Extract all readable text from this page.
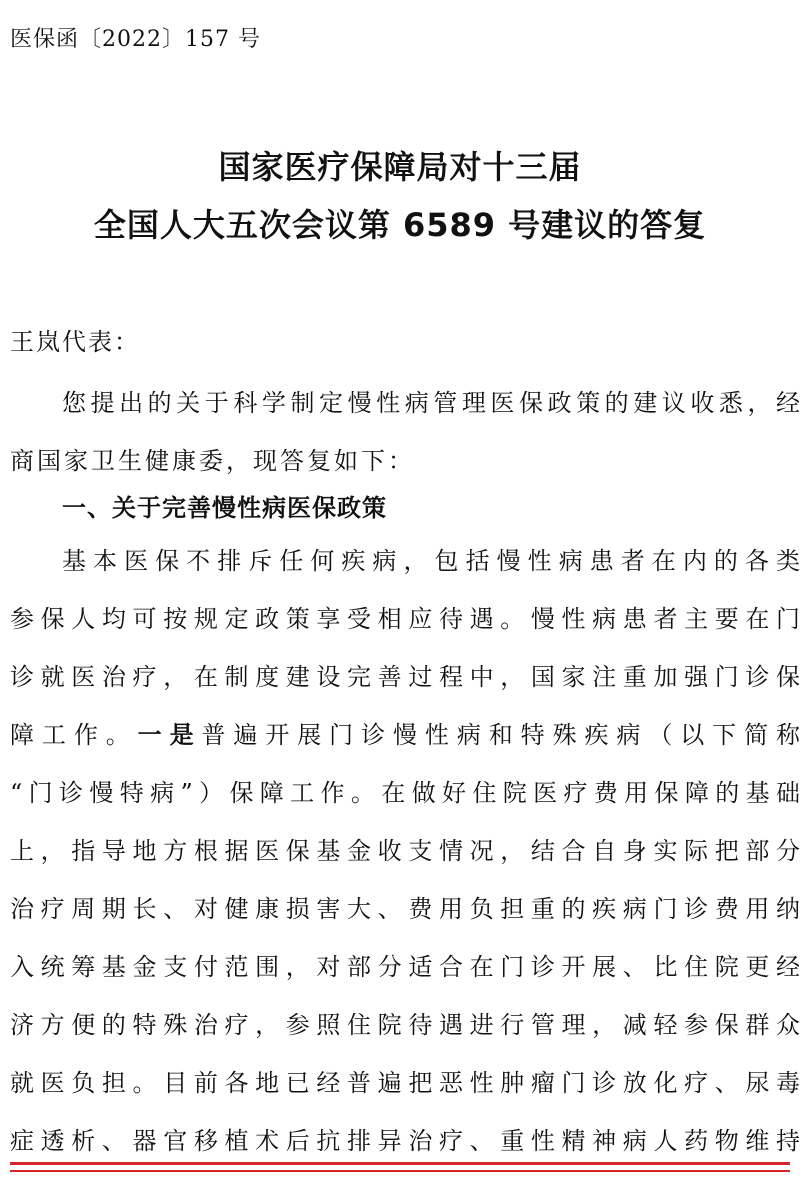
医保函〔2022〕157 号
国家医疗保障局对十三届
全国人大五次会议第 6589 号建议的答复
王岚代表：
您提出的关于科学制定慢性病管理医保政策的建议收悉，经
商国家卫生健康委，现答复如下：
一、关于完善慢性病医保政策
基本医保不排斥任何疾病，包括慢性病患者在内的各类
参保人均可按规定政策享受相应待遇。慢性病患者主要在门
诊就医治疗，在制度建设完善过程中，国家注重加强门诊保
障工作。一是普遍开展门诊慢性病和特殊疾病（以下简称
“门诊慢特病”）保障工作。在做好住院医疗费用保障的基础
上，指导地方根据医保基金收支情况，结合自身实际把部分
治疗周期长、对健康损害大、费用负担重的疾病门诊费用纳
入统筹基金支付范围，对部分适合在门诊开展、比住院更经
济方便的特殊治疗，参照住院待遇进行管理，减轻参保群众
就医负担。目前各地已经普遍把恶性肿瘤门诊放化疗、尿毒
症透析、器官移植术后抗排异治疗、重性精神病人药物维持
